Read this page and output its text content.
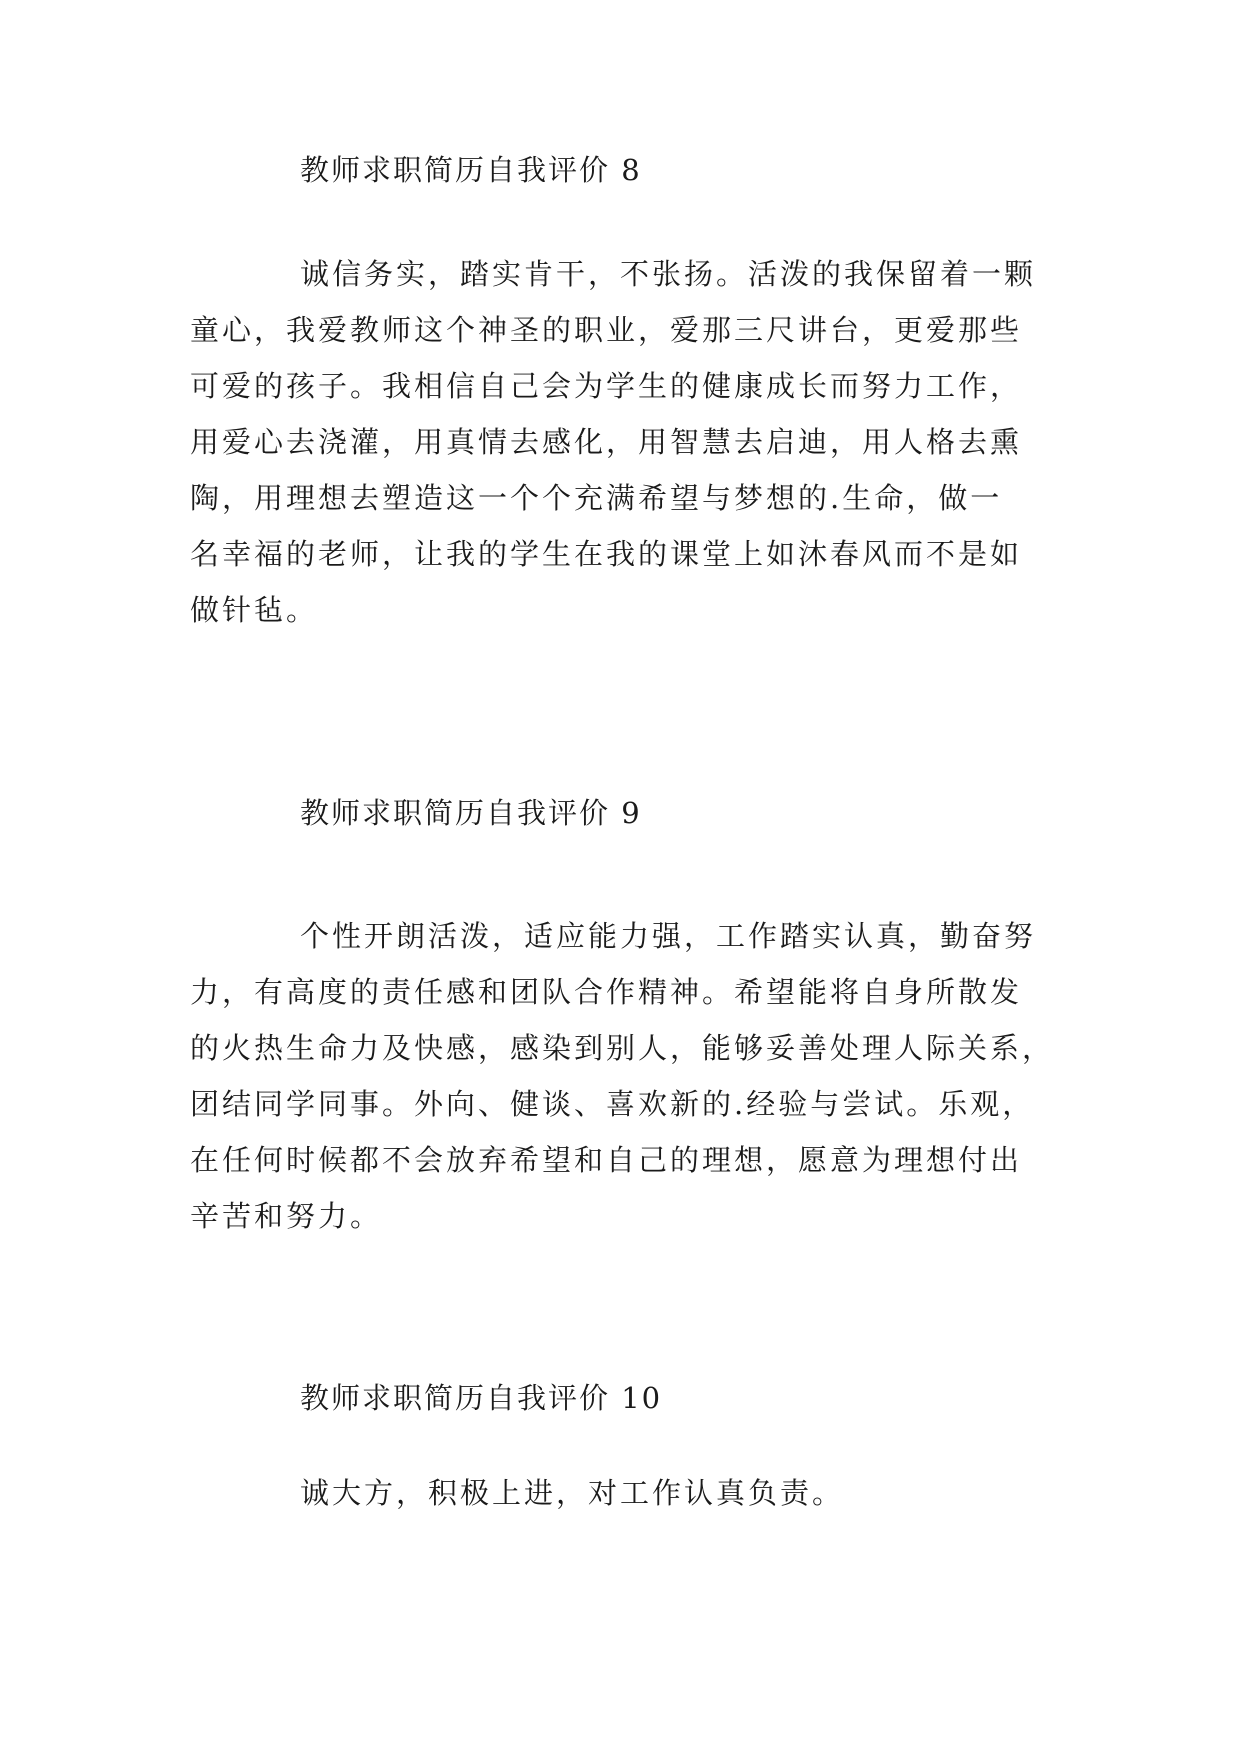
教师求职简历自我评价 8
诚信务实，踏实肯干，不张扬。活泼的我保留着一颗
童心，我爱教师这个神圣的职业，爱那三尺讲台，更爱那些
可爱的孩子。我相信自己会为学生的健康成长而努力工作，
用爱心去浇灌，用真情去感化，用智慧去启迪，用人格去熏
陶，用理想去塑造这一个个充满希望与梦想的.生命，做一
名幸福的老师，让我的学生在我的课堂上如沐春风而不是如
做针毡。
教师求职简历自我评价 9
个性开朗活泼，适应能力强，工作踏实认真，勤奋努
力，有高度的责任感和团队合作精神。希望能将自身所散发
的火热生命力及快感，感染到别人，能够妥善处理人际关系，
团结同学同事。外向、健谈、喜欢新的.经验与尝试。乐观，
在任何时候都不会放弃希望和自己的理想，愿意为理想付出
辛苦和努力。
教师求职简历自我评价 10
诚大方，积极上进，对工作认真负责。
